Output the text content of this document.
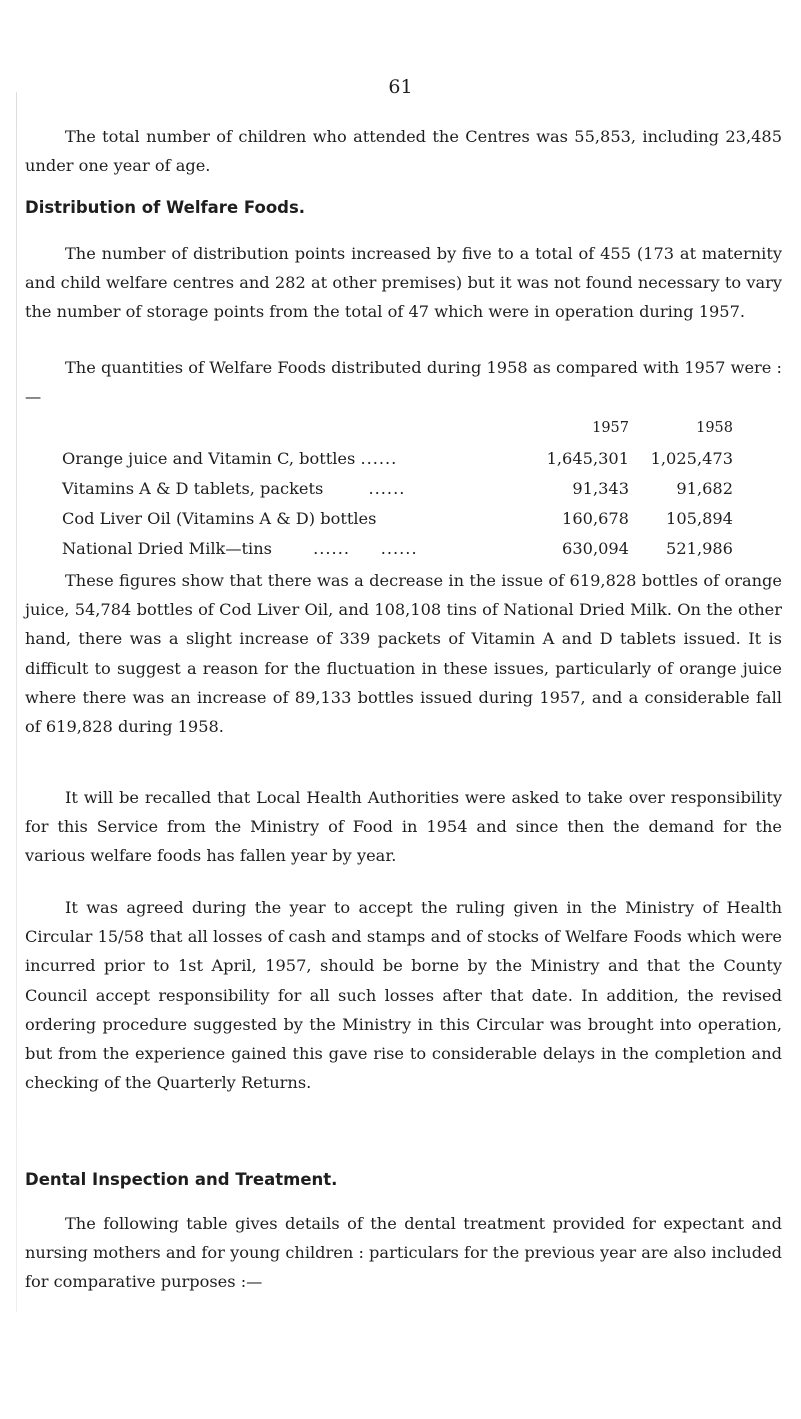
61

The total number of children who attended the Centres was 55,853, including 23,485 under one year of age.

Distribution of Welfare Foods.

The number of distribution points increased by five to a total of 455 (173 at maternity and child welfare centres and 282 at other premises) but it was not found necessary to vary the number of storage points from the total of 47 which were in operation during 1957.

The quantities of Welfare Foods distributed during 1958 as compared with 1957 were :—

	1957	1958
Orange juice and Vitamin C, bottles ......	1,645,301	1,025,473
Vitamins A & D tablets, packets ......	91,343	91,682
Cod Liver Oil (Vitamins A & D) bottles	160,678	105,894
National Dried Milk—tins ......     ......	630,094	521,986

These figures show that there was a decrease in the issue of 619,828 bottles of orange juice, 54,784 bottles of Cod Liver Oil, and 108,108 tins of National Dried Milk. On the other hand, there was a slight increase of 339 packets of Vitamin A and D tablets issued. It is difficult to suggest a reason for the fluctuation in these issues, particularly of orange juice where there was an increase of 89,133 bottles issued during 1957, and a considerable fall of 619,828 during 1958.

It will be recalled that Local Health Authorities were asked to take over responsibility for this Service from the Ministry of Food in 1954 and since then the demand for the various welfare foods has fallen year by year.

It was agreed during the year to accept the ruling given in the Ministry of Health Circular 15/58 that all losses of cash and stamps and of stocks of Welfare Foods which were incurred prior to 1st April, 1957, should be borne by the Ministry and that the County Council accept responsibility for all such losses after that date. In addition, the revised ordering procedure suggested by the Ministry in this Circular was brought into operation, but from the experience gained this gave rise to considerable delays in the completion and checking of the Quarterly Returns.

Dental Inspection and Treatment.

The following table gives details of the dental treatment provided for expectant and nursing mothers and for young children : particulars for the previous year are also included for comparative purposes :—
